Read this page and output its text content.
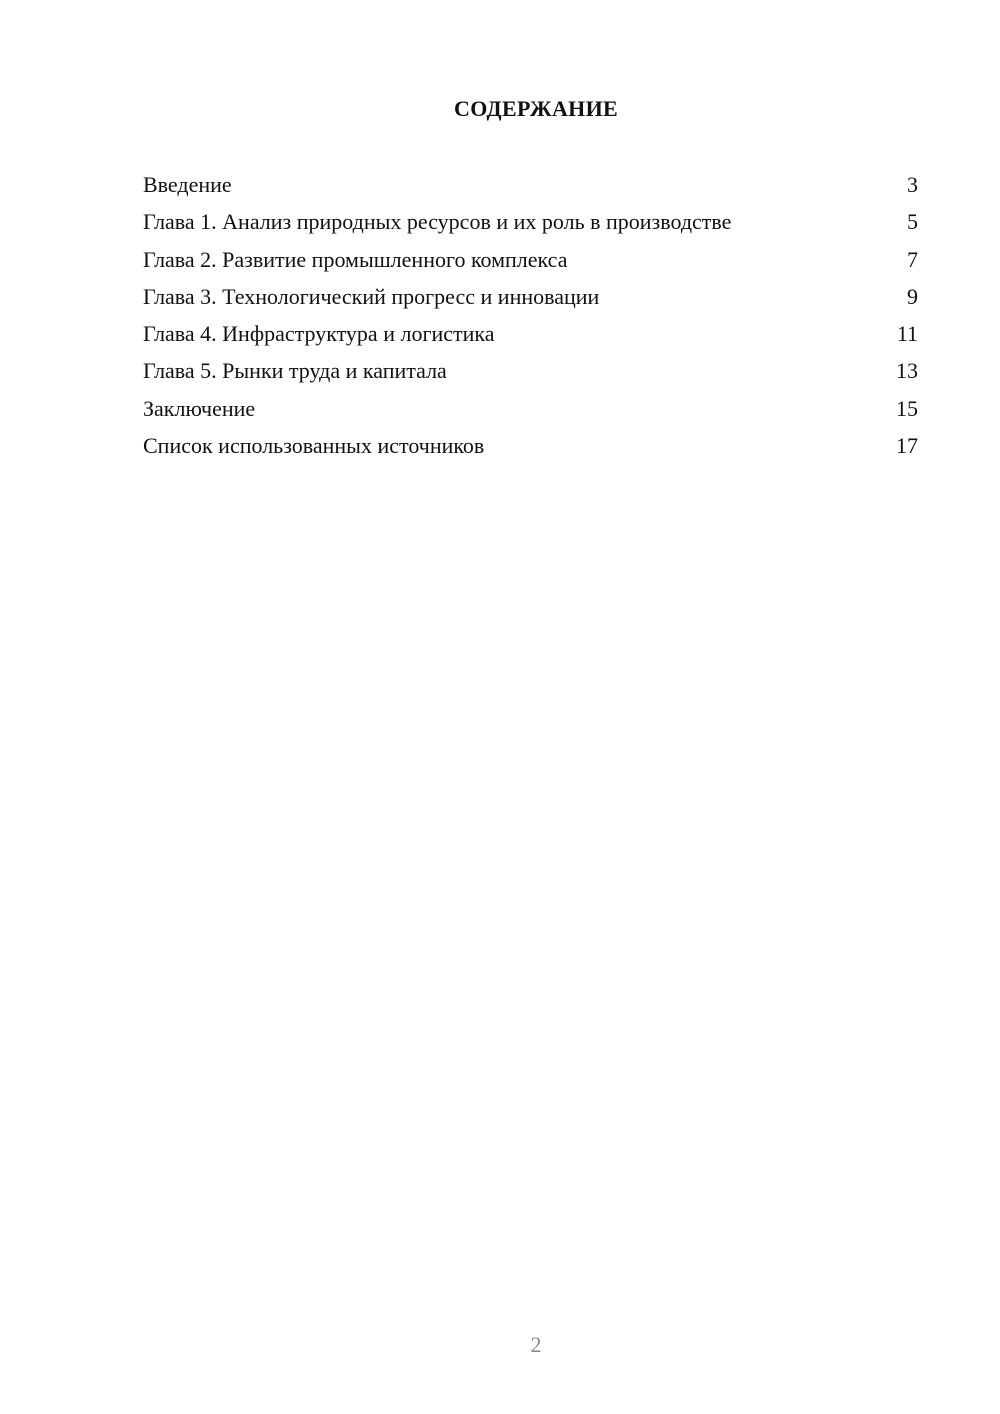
СОДЕРЖАНИЕ
Введение	3
Глава 1. Анализ природных ресурсов и их роль в производстве	5
Глава 2. Развитие промышленного комплекса	7
Глава 3. Технологический прогресс и инновации	9
Глава 4. Инфраструктура и логистика	11
Глава 5. Рынки труда и капитала	13
Заключение	15
Список использованных источников	17
2
